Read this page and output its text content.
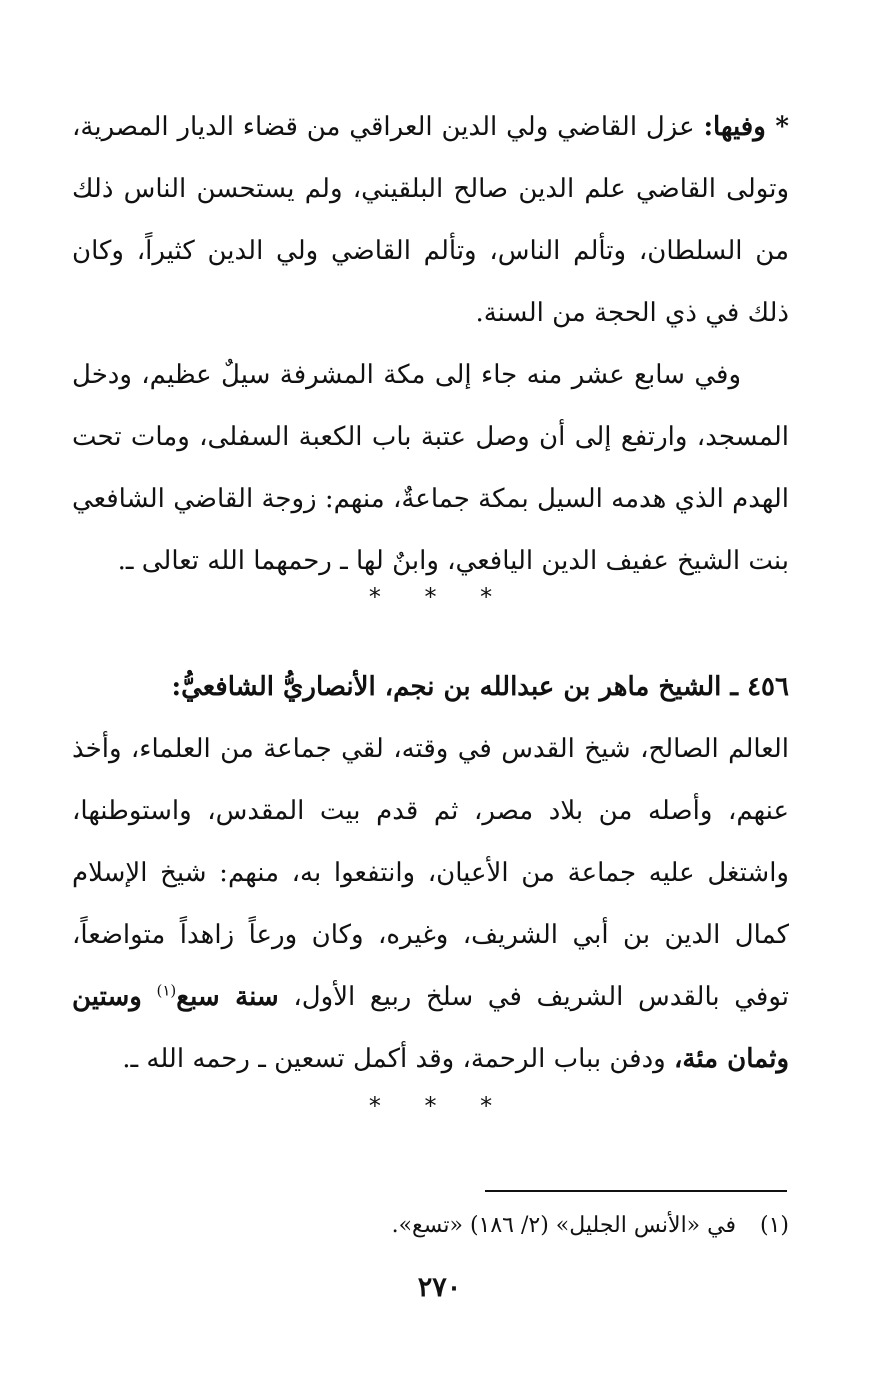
* وفيها: عزل القاضي ولي الدين العراقي من قضاء الديار المصرية، وتولى القاضي علم الدين صالح البلقيني، ولم يستحسن الناس ذلك من السلطان، وتألم الناس، وتألم القاضي ولي الدين كثيراً، وكان ذلك في ذي الحجة من السنة.

وفي سابع عشر منه جاء إلى مكة المشرفة سيلٌ عظيم، ودخل المسجد، وارتفع إلى أن وصل عتبة باب الكعبة السفلى، ومات تحت الهدم الذي هدمه السيل بمكة جماعةٌ، منهم: زوجة القاضي الشافعي بنت الشيخ عفيف الدين اليافعي، وابنٌ لها ـ رحمهما الله تعالى ـ.

* * *

٤٥٦ ـ الشيخ ماهر بن عبدالله بن نجم، الأنصاريُّ الشافعيُّ:

العالم الصالح، شيخ القدس في وقته، لقي جماعة من العلماء، وأخذ عنهم، وأصله من بلاد مصر، ثم قدم بيت المقدس، واستوطنها، واشتغل عليه جماعة من الأعيان، وانتفعوا به، منهم: شيخ الإسلام كمال الدين بن أبي الشريف، وغيره، وكان ورعاً زاهداً متواضعاً، توفي بالقدس الشريف في سلخ ربيع الأول، سنة سبع$^{(١)}$ وستين وثمان مئة، ودفن بباب الرحمة، وقد أكمل تسعين ـ رحمه الله ـ.

* * *
(١)في «الأنس الجليل» (٢/ ١٨٦) «تسع».
٢٧٠
